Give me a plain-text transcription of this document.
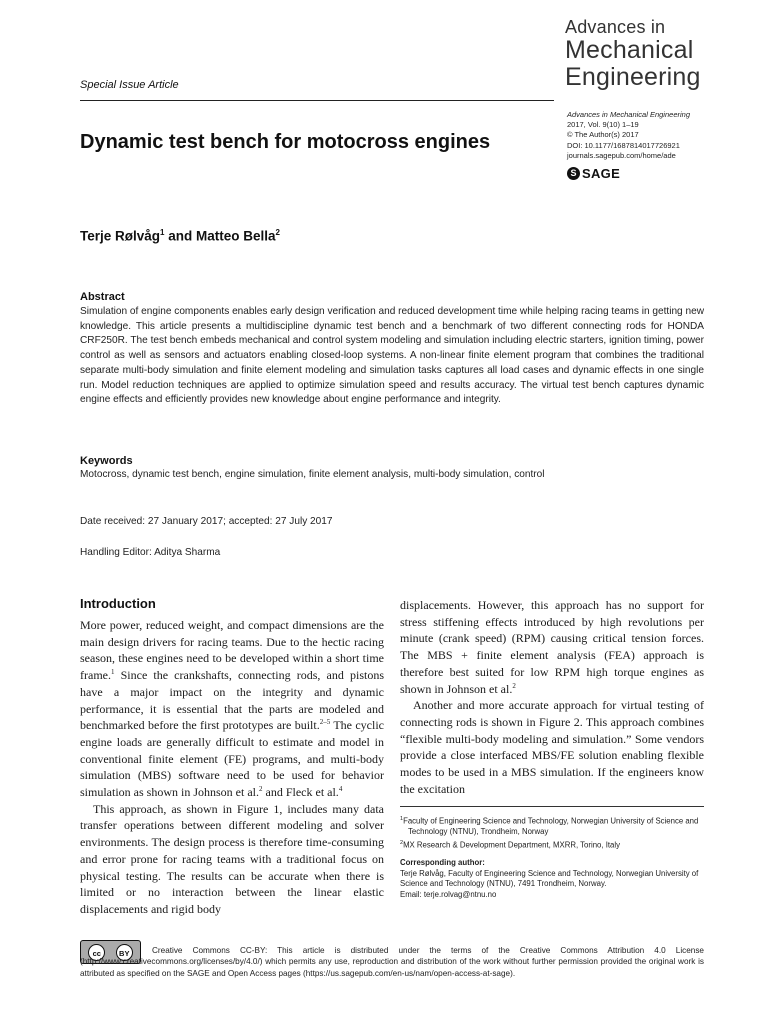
Advances in
Mechanical
Engineering
Special Issue Article
Advances in Mechanical Engineering
2017, Vol. 9(10) 1–19
© The Author(s) 2017
DOI: 10.1177/1687814017726921
journals.sagepub.com/home/ade
S SAGE
Dynamic test bench for motocross engines
Terje Rølvåg$^1$ and Matteo Bella$^2$
Abstract
Simulation of engine components enables early design verification and reduced development time while helping racing teams in getting new knowledge. This article presents a multidiscipline dynamic test bench and a benchmark of two different connecting rods for HONDA CRF250R. The test bench embeds mechanical and control system modeling and simulation including electric starters, ignition timing, power control as well as sensors and actuators enabling closed-loop systems. A non-linear finite element program that combines the traditional separate multi-body simulation and finite element modeling and simulation tasks captures all load cases and dynamic effects in one single run. Model reduction techniques are applied to optimize simulation speed and results accuracy. The virtual test bench captures dynamic engine effects and efficiently provides new knowledge about engine performance and integrity.
Keywords
Motocross, dynamic test bench, engine simulation, finite element analysis, multi-body simulation, control
Date received: 27 January 2017; accepted: 27 July 2017
Handling Editor: Aditya Sharma
Introduction

More power, reduced weight, and compact dimensions are the main design drivers for racing teams. Due to the hectic racing season, these engines need to be developed within a short time frame.$^1$ Since the crankshafts, connecting rods, and pistons have a major impact on the integrity and dynamic performance, it is essential that the parts are modeled and benchmarked before the first prototypes are built.$^{2-5}$ The cyclic engine loads are generally difficult to estimate and model in conventional finite element (FE) programs, and multi-body simulation (MBS) software need to be used for behavior simulation as shown in Johnson et al.$^2$ and Fleck et al.$^4$

This approach, as shown in Figure 1, includes many data transfer operations between different modeling and solver environments. The design process is therefore time-consuming and error prone for racing teams with a traditional focus on physical testing. The results can be accurate when there is limited or no interaction between the linear elastic displacements and rigid body

displacements. However, this approach has no support for stress stiffening effects introduced by high revolutions per minute (crank speed) (RPM) causing critical tension forces. The MBS + finite element analysis (FEA) approach is therefore best suited for low RPM high torque engines as shown in Johnson et al.$^2$

Another and more accurate approach for virtual testing of connecting rods is shown in Figure 2. This approach combines “flexible multi-body modeling and simulation.” Some vendors provide a close interfaced MBS/FE solution enabling flexible modes to be used in a MBS simulation. If the engineers know the excitation

$^1$Faculty of Engineering Science and Technology, Norwegian University of Science and Technology (NTNU), Trondheim, Norway
$^2$MX Research & Development Department, MXRR, Torino, Italy
Corresponding author:
Terje Rølvåg, Faculty of Engineering Science and Technology, Norwegian University of Science and Technology (NTNU), 7491 Trondheim, Norway.
Email: terje.rolvag@ntnu.no
cc	BY	Creative Commons CC-BY: This article is distributed under the terms of the Creative Commons Attribution 4.0 License (http://www.creativecommons.org/licenses/by/4.0/) which permits any use, reproduction and distribution of the work without further permission provided the original work is attributed as specified on the SAGE and Open Access pages (https://us.sagepub.com/en-us/nam/open-access-at-sage).
